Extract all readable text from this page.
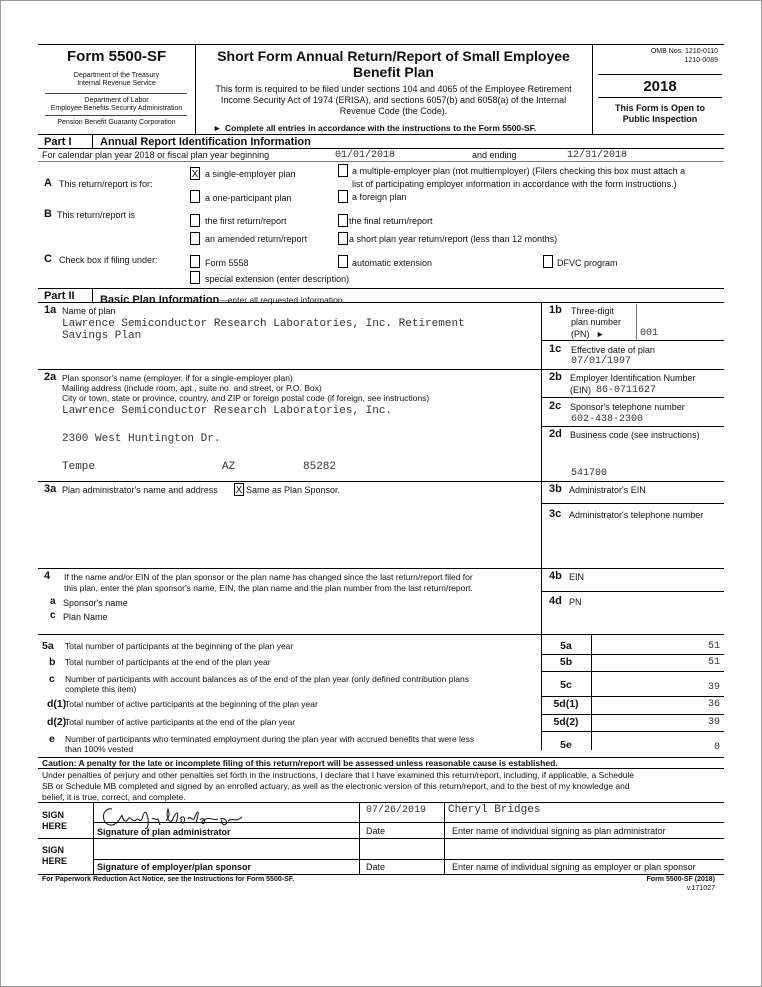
Form 5500-SF
Department of the Treasury
Internal Revenue Service
Department of Labor
Employee Benefits Security Administration
Pension Benefit Guaranty Corporation
Short Form Annual Return/Report of Small Employee
Benefit Plan
This form is required to be filed under sections 104 and 4065 of the Employee Retirement
Income Security Act of 1974 (ERISA), and sections 6057(b) and 6058(a) of the Internal
Revenue Code (the Code).
► Complete all entries in accordance with the instructions to the Form 5500-SF.
OMB Nos. 1210-0110
1210-0089
2018
This Form is Open to
Public Inspection
Part I	Annual Report Identification Information
For calendar plan year 2018 or fiscal plan year beginning	01/01/2018	and ending	12/31/2018
A This return/report is for:
X a single-employer plan	a multiple-employer plan (not multiemployer) (Filers checking this box must attach a
list of participating employer information in accordance with the form instructions.)
a one-participant plan	a foreign plan
B This return/report is
the first return/report	the final return/report
an amended return/report	a short plan year return/report (less than 12 months)
C Check box if filing under:	Form 5558	automatic extension	DFVC program
special extension (enter description)
Part II Basic Plan Information—enter all requested information
1a Name of plan
Lawrence Semiconductor Research Laboratories, Inc. Retirement
Savings Plan
1b Three-digit
plan number
(PN) ►	001
1c Effective date of plan
07/01/1997
2a Plan sponsor's name (employer, if for a single-employer plan)
Mailing address (include room, apt., suite no. and street, or P.O. Box)
City or town, state or province, country, and ZIP or foreign postal code (if foreign, see instructions)
Lawrence Semiconductor Research Laboratories, Inc.
2300 West Huntington Dr.
Tempe	AZ	85282
2b Employer Identification Number
(EIN) 86-0711627
2c Sponsor's telephone number
602-438-2300
2d Business code (see instructions)
541700
3a Plan administrator's name and address X Same as Plan Sponsor.	3b Administrator's EIN
3c Administrator's telephone number
4 If the name and/or EIN of the plan sponsor or the plan name has changed since the last return/report filed for
this plan, enter the plan sponsor's name, EIN, the plan name and the plan number from the last return/report.
a Sponsor's name
c Plan Name
4b EIN
4d PN
5a Total number of participants at the beginning of the plan year	5a	51
b Total number of participants at the end of the plan year	5b	51
c Number of participants with account balances as of the end of the plan year (only defined contribution plans
complete this item)	5c	39
d(1)
Total number of active participants at the beginning of the plan year	5d(1)	36
d(2)
Total number of active participants at the end of the plan year	5d(2)	39
e Number of participants who terminated employment during the plan year with accrued benefits that were less
than 100% vested	5e	0
Caution: A penalty for the late or incomplete filing of this return/report will be assessed unless reasonable cause is established.
Under penalties of perjury and other penalties set forth in the instructions, I declare that I have examined this return/report, including, if applicable, a Schedule
SB or Schedule MB completed and signed by an enrolled actuary, as well as the electronic version of this return/report, and to the best of my knowledge and
belief, it is true, correct, and complete.
SIGN
HERE
SIGN
HERE
Signature of plan administrator
07/26/2019
Date
Cheryl Bridges
Enter name of individual signing as plan administrator
Signature of employer/plan sponsor	Date	Enter name of individual signing as employer or plan sponsor
For Paperwork Reduction Act Notice, see the Instructions for Form 5500-SF.	Form 5500-SF (2018)
v.171027
